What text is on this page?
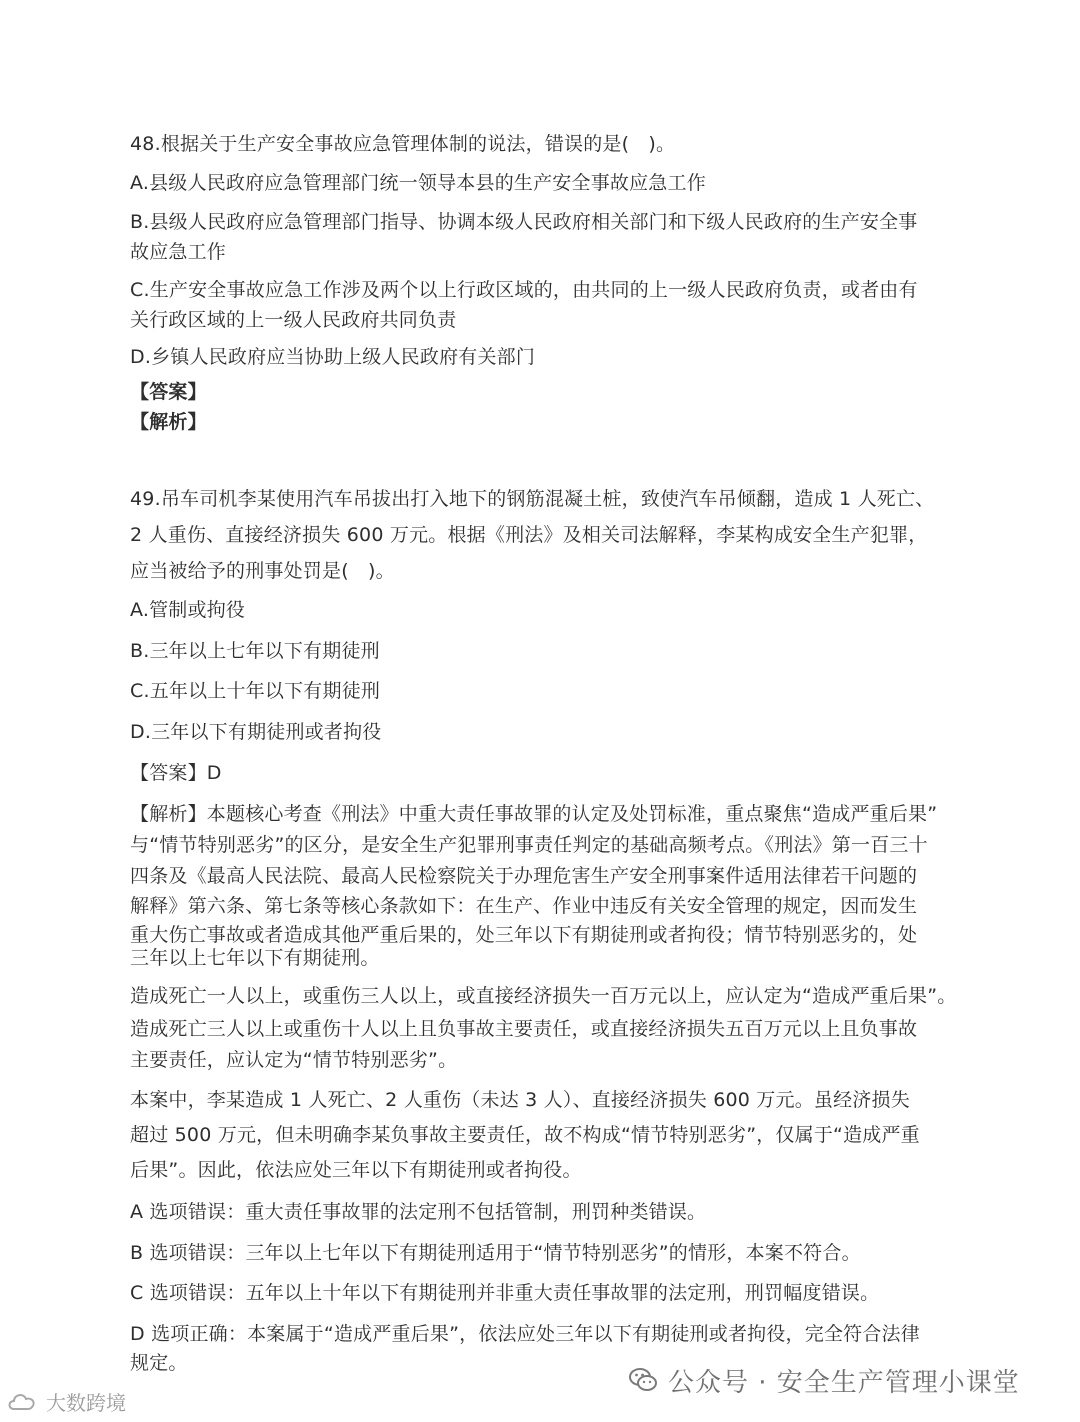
48.根据关于生产安全事故应急管理体制的说法，错误的是(　)。
A.县级人民政府应急管理部门统一领导本县的生产安全事故应急工作
B.县级人民政府应急管理部门指导、协调本级人民政府相关部门和下级人民政府的生产安全事
故应急工作
C.生产安全事故应急工作涉及两个以上行政区域的，由共同的上一级人民政府负责，或者由有
关行政区域的上一级人民政府共同负责
D.乡镇人民政府应当协助上级人民政府有关部门
【答案】
【解析】
49.吊车司机李某使用汽车吊拔出打入地下的钢筋混凝土桩，致使汽车吊倾翻，造成 1 人死亡、
2 人重伤、直接经济损失 600 万元。根据《刑法》及相关司法解释，李某构成安全生产犯罪，
应当被给予的刑事处罚是(　)。
A.管制或拘役
B.三年以上七年以下有期徒刑
C.五年以上十年以下有期徒刑
D.三年以下有期徒刑或者拘役
【答案】D
【解析】本题核心考查《刑法》中重大责任事故罪的认定及处罚标准，重点聚焦“造成严重后果”
与“情节特别恶劣”的区分，是安全生产犯罪刑事责任判定的基础高频考点。《刑法》第一百三十
四条及《最高人民法院、最高人民检察院关于办理危害生产安全刑事案件适用法律若干问题的
解释》第六条、第七条等核心条款如下：在生产、作业中违反有关安全管理的规定，因而发生
重大伤亡事故或者造成其他严重后果的，处三年以下有期徒刑或者拘役；情节特别恶劣的，处
三年以上七年以下有期徒刑。
造成死亡一人以上，或重伤三人以上，或直接经济损失一百万元以上，应认定为“造成严重后果”。
造成死亡三人以上或重伤十人以上且负事故主要责任，或直接经济损失五百万元以上且负事故
主要责任，应认定为“情节特别恶劣”。
本案中，李某造成 1 人死亡、2 人重伤（未达 3 人）、直接经济损失 600 万元。虽经济损失
超过 500 万元，但未明确李某负事故主要责任，故不构成“情节特别恶劣”，仅属于“造成严重
后果”。因此，依法应处三年以下有期徒刑或者拘役。
A 选项错误：重大责任事故罪的法定刑不包括管制，刑罚种类错误。
B 选项错误：三年以上七年以下有期徒刑适用于“情节特别恶劣”的情形，本案不符合。
C 选项错误：五年以上十年以下有期徒刑并非重大责任事故罪的法定刑，刑罚幅度错误。
D 选项正确：本案属于“造成严重后果”，依法应处三年以下有期徒刑或者拘役，完全符合法律
规定。
公众号 · 安全生产管理小课堂
大数跨境
